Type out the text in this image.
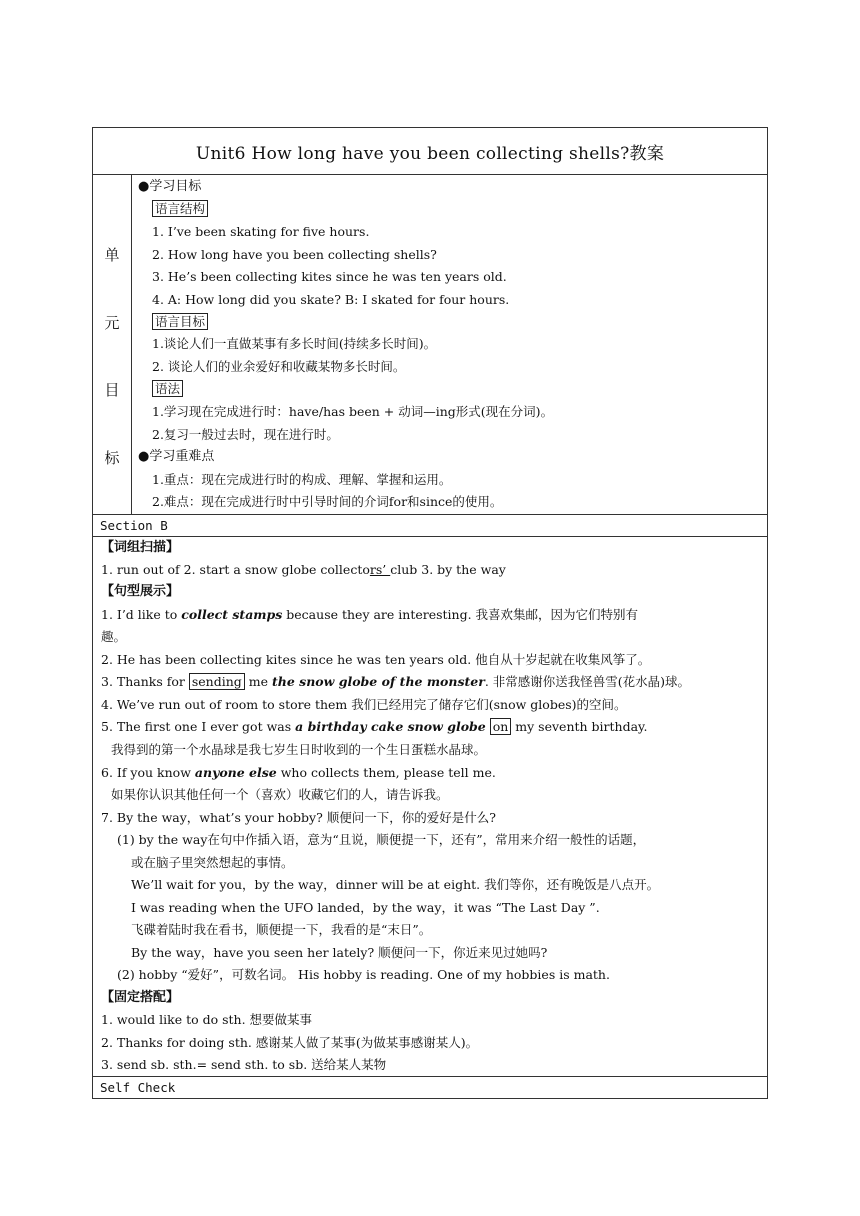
Unit6 How long have you been collecting shells?教案
单
元
目
标
●学习目标
语言结构
1. I’ve been skating for five hours.
2. How long have you been collecting shells?
3. He’s been collecting kites since he was ten years old.
4. A: How long did you skate? B: I skated for four hours.
语言目标
1.谈论人们一直做某事有多长时间(持续多长时间)。
2. 谈论人们的业余爱好和收藏某物多长时间。
语法
1.学习现在完成进行时：have/has been + 动词—ing形式(现在分词)。
2.复习一般过去时，现在进行时。
●学习重难点
1.重点：现在完成进行时的构成、理解、掌握和运用。
2.难点：现在完成进行时中引导时间的介词for和since的使用。
Section B
【词组扫描】
1. run out of 2. start a snow globe collectors’ club 3. by the way
【句型展示】
1. I’d like to collect stamps because they are interesting. 我喜欢集邮，因为它们特别有
趣。
2. He has been collecting kites since he was ten years old. 他自从十岁起就在收集风筝了。
3. Thanks for sending me the snow globe of the monster. 非常感谢你送我怪兽雪(花水晶)球。
4. We’ve run out of room to store them 我们已经用完了储存它们(snow globes)的空间。
5. The first one I ever got was a birthday cake snow globe on my seventh birthday.
我得到的第一个水晶球是我七岁生日时收到的一个生日蛋糕水晶球。
6. If you know anyone else who collects them, please tell me.
如果你认识其他任何一个（喜欢）收藏它们的人，请告诉我。
7. By the way，what’s your hobby? 顺便问一下，你的爱好是什么?
(1) by the way在句中作插入语，意为“且说，顺便提一下，还有”，常用来介绍一般性的话题，
或在脑子里突然想起的事情。
We’ll wait for you，by the way，dinner will be at eight. 我们等你，还有晚饭是八点开。
I was reading when the UFO landed，by the way，it was “The Last Day ”.
飞碟着陆时我在看书，顺便提一下，我看的是“末日”。
By the way，have you seen her lately? 顺便问一下，你近来见过她吗?
(2) hobby “爱好”，可数名词。 His hobby is reading. One of my hobbies is math.
【固定搭配】
1. would like to do sth. 想要做某事
2. Thanks for doing sth. 感谢某人做了某事(为做某事感谢某人)。
3. send sb. sth.= send sth. to sb. 送给某人某物
Self Check
